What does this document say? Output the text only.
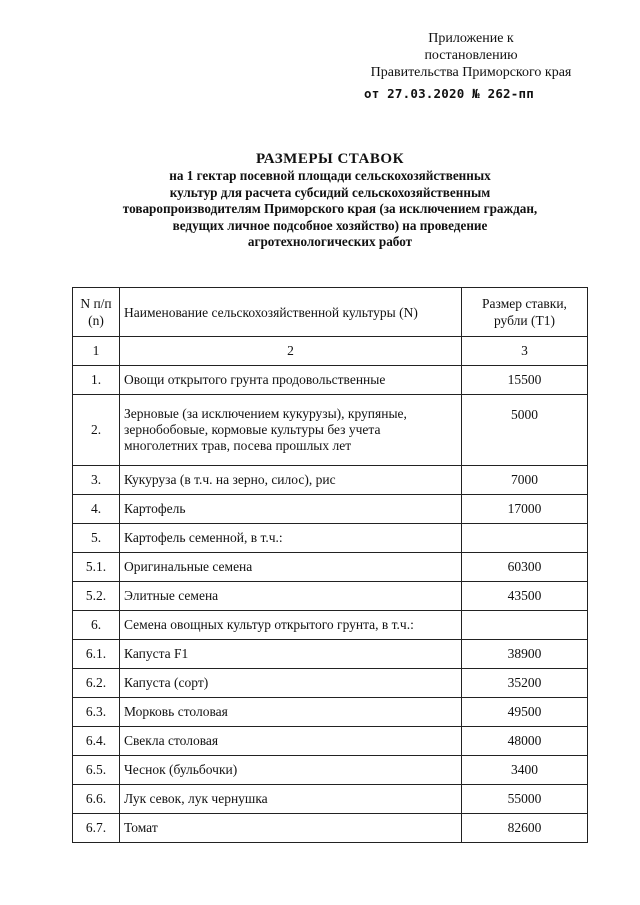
Приложение к
постановлению
Правительства Приморского края
от 27.03.2020 № 262-пп
РАЗМЕРЫ СТАВОК
на 1 гектар посевной площади сельскохозяйственных
культур для расчета субсидий сельскохозяйственным
товаропроизводителям Приморского края (за исключением граждан,
ведущих личное подсобное хозяйство) на проведение
агротехнологических работ
N п/п (n)	Наименование сельскохозяйственной культуры (N)	Размер ставки, рубли (T1)
1	2	3
1.	Овощи открытого грунта продовольственные	15500
2.	Зерновые (за исключением кукурузы), крупяные, зернобобовые, кормовые культуры без учета многолетних трав, посева прошлых лет	5000
3.	Кукуруза (в т.ч. на зерно, силос), рис	7000
4.	Картофель	17000
5.	Картофель семенной, в т.ч.:	
5.1.	Оригинальные семена	60300
5.2.	Элитные семена	43500
6.	Семена овощных культур открытого грунта, в т.ч.:	
6.1.	Капуста F1	38900
6.2.	Капуста (сорт)	35200
6.3.	Морковь столовая	49500
6.4.	Свекла столовая	48000
6.5.	Чеснок (бульбочки)	3400
6.6.	Лук севок, лук чернушка	55000
6.7.	Томат	82600
